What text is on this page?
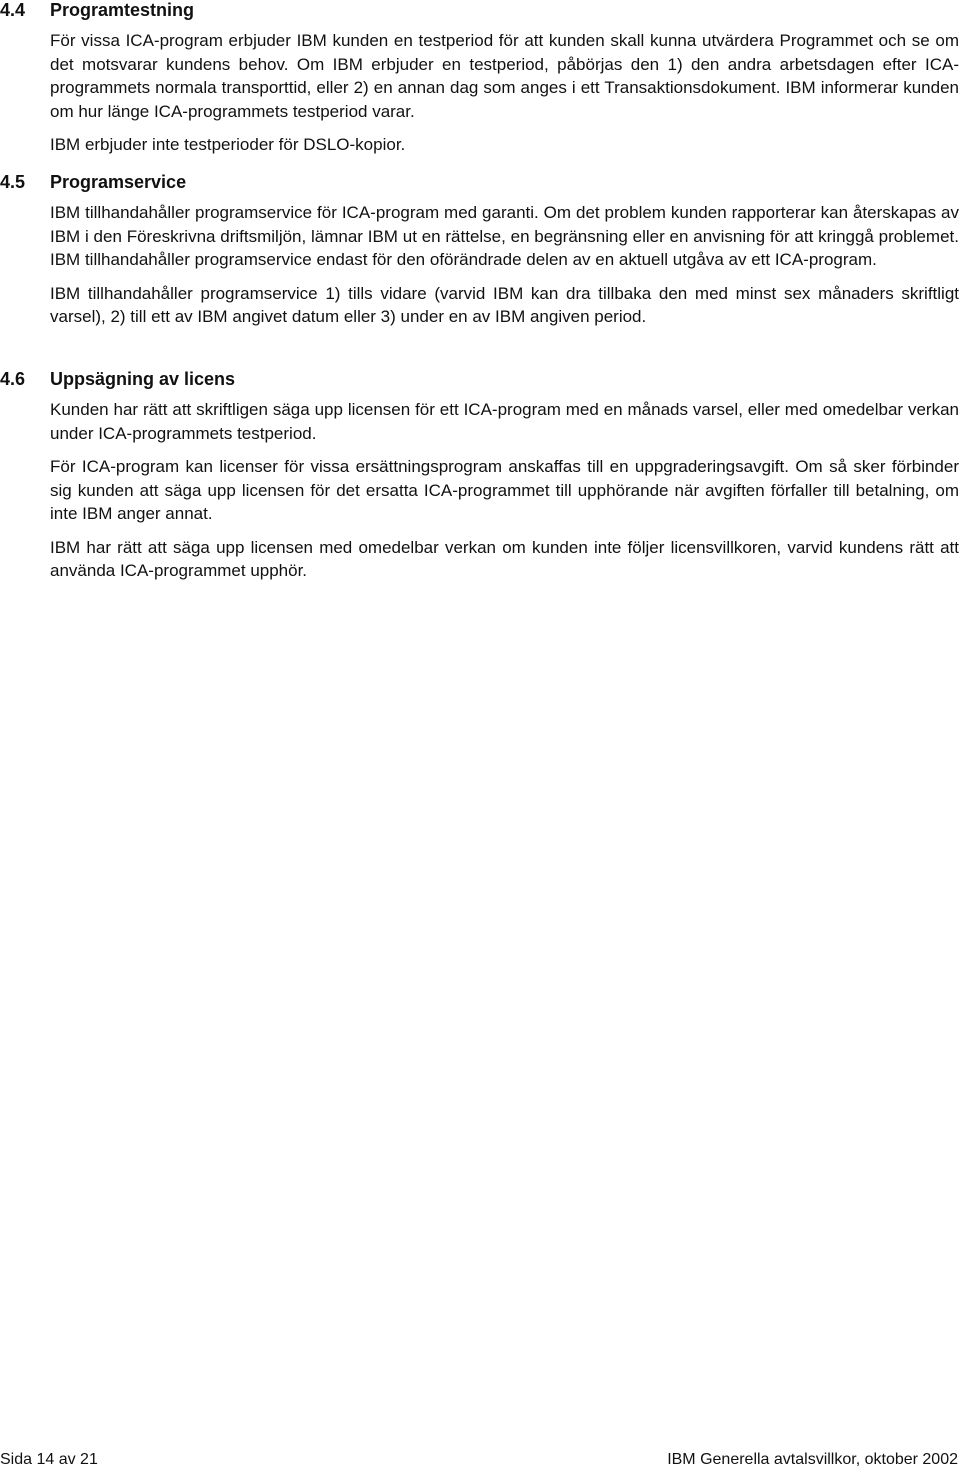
4.4 Programtestning

För vissa ICA-program erbjuder IBM kunden en testperiod för att kunden skall kunna utvärdera Programmet och se om det motsvarar kundens behov. Om IBM erbjuder en testperiod, påbörjas den 1) den andra arbetsdagen efter ICA-programmets normala transporttid, eller 2) en annan dag som anges i ett Transaktionsdokument. IBM informerar kunden om hur länge ICA-programmets testperiod varar.

IBM erbjuder inte testperioder för DSLO-kopior.

4.5 Programservice

IBM tillhandahåller programservice för ICA-program med garanti. Om det problem kunden rapporterar kan återskapas av IBM i den Föreskrivna driftsmiljön, lämnar IBM ut en rättelse, en begränsning eller en anvisning för att kringgå problemet. IBM tillhandahåller programservice endast för den oförändrade delen av en aktuell utgåva av ett ICA-program.

IBM tillhandahåller programservice 1) tills vidare (varvid IBM kan dra tillbaka den med minst sex månaders skriftligt varsel), 2) till ett av IBM angivet datum eller 3) under en av IBM angiven period.

4.6 Uppsägning av licens

Kunden har rätt att skriftligen säga upp licensen för ett ICA-program med en månads varsel, eller med omedelbar verkan under ICA-programmets testperiod.

För ICA-program kan licenser för vissa ersättningsprogram anskaffas till en uppgraderingsavgift. Om så sker förbinder sig kunden att säga upp licensen för det ersatta ICA-programmet till upphörande när avgiften förfaller till betalning, om inte IBM anger annat.

IBM har rätt att säga upp licensen med omedelbar verkan om kunden inte följer licensvillkoren, varvid kundens rätt att använda ICA-programmet upphör.

Sida 14 av 21	IBM Generella avtalsvillkor, oktober 2002
